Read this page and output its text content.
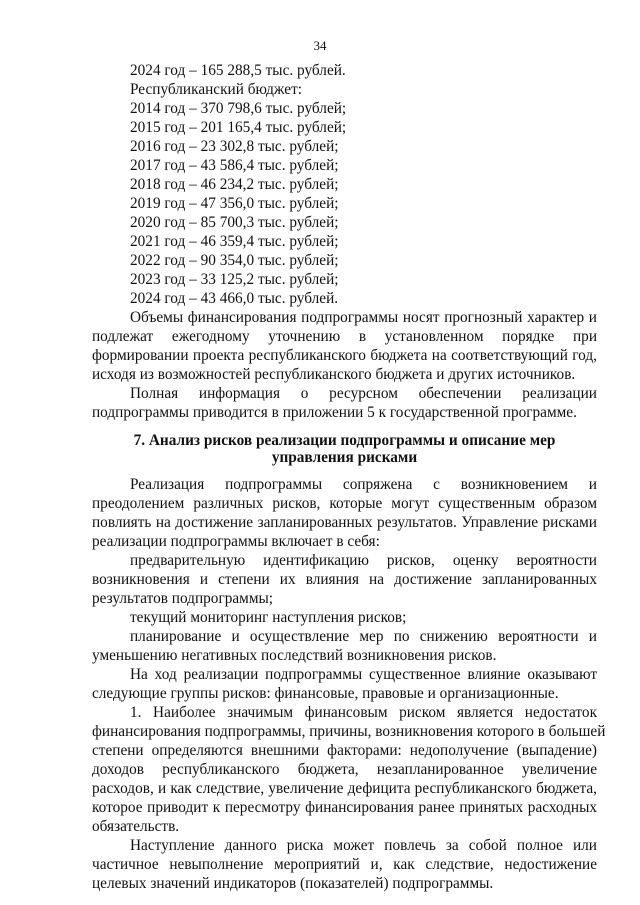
34
2024 год – 165 288,5 тыс. рублей.
Республиканский бюджет:
2014 год – 370 798,6 тыс. рублей;
2015 год – 201 165,4 тыс. рублей;
2016 год – 23 302,8 тыс. рублей;
2017 год – 43 586,4 тыс. рублей;
2018 год – 46 234,2 тыс. рублей;
2019 год – 47 356,0 тыс. рублей;
2020 год – 85 700,3 тыс. рублей;
2021 год – 46 359,4 тыс. рублей;
2022 год – 90 354,0 тыс. рублей;
2023 год – 33 125,2 тыс. рублей;
2024 год – 43 466,0 тыс. рублей.
Объемы финансирования подпрограммы носят прогнозный характер и
подлежат ежегодному уточнению в установленном порядке при
формировании проекта республиканского бюджета на соответствующий год,
исходя из возможностей республиканского бюджета и других источников.
Полная информация о ресурсном обеспечении реализации
подпрограммы приводится в приложении 5 к государственной программе.
7. Анализ рисков реализации подпрограммы и описание мер
управления рисками
Реализация подпрограммы сопряжена с возникновением и
преодолением различных рисков, которые могут существенным образом
повлиять на достижение запланированных результатов. Управление рисками
реализации подпрограммы включает в себя:
предварительную идентификацию рисков, оценку вероятности
возникновения и степени их влияния на достижение запланированных
результатов подпрограммы;
текущий мониторинг наступления рисков;
планирование и осуществление мер по снижению вероятности и
уменьшению негативных последствий возникновения рисков.
На ход реализации подпрограммы существенное влияние оказывают
следующие группы рисков: финансовые, правовые и организационные.
1. Наиболее значимым финансовым риском является недостаток
финансирования подпрограммы, причины, возникновения которого в большей
степени определяются внешними факторами: недополучение (выпадение)
доходов республиканского бюджета, незапланированное увеличение
расходов, и как следствие, увеличение дефицита республиканского бюджета,
которое приводит к пересмотру финансирования ранее принятых расходных
обязательств.
Наступление данного риска может повлечь за собой полное или
частичное невыполнение мероприятий и, как следствие, недостижение
целевых значений индикаторов (показателей) подпрограммы.
